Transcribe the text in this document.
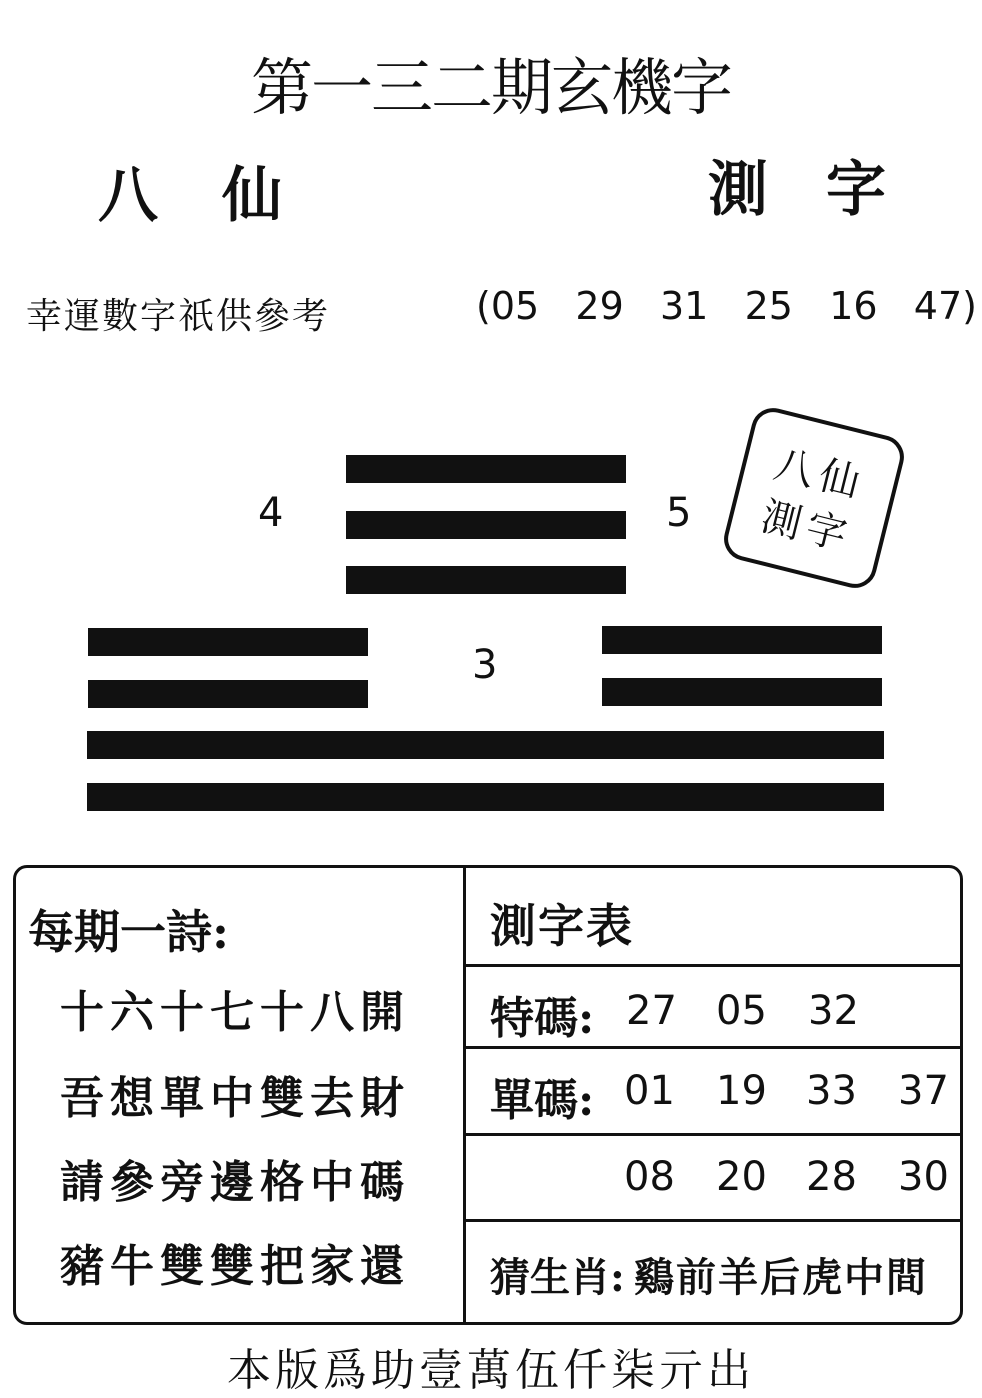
第一三二期玄機字
八 仙	測 字
幸運數字祇供參考	(05   29   31   25   16   47)
4	5
3
八仙
測字
每期一詩:
十六十七十八開
吾想單中雙去財
請參旁邊格中碼
豬牛雙雙把家還
測字表
特碼: 27 05 32
單碼: 01 19 33 37
08 20 28 30
猜生肖: 鷄前羊后虎中間
本版爲助壹萬伍仟柒亓出
